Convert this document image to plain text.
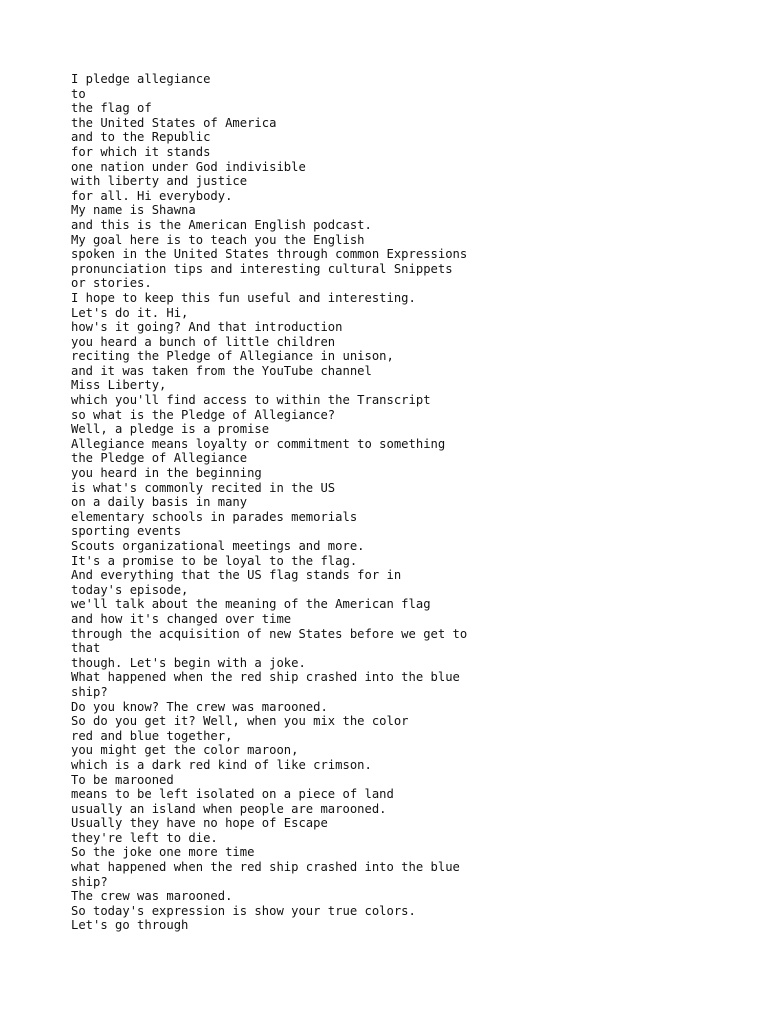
I pledge allegiance

to

the flag of

the United States of America

and to the Republic

for which it stands

one nation under God indivisible

with liberty and justice

for all. Hi everybody.

My name is Shawna

and this is the American English podcast.

My goal here is to teach you the English

spoken in the United States through common Expressions

pronunciation tips and interesting cultural Snippets

or stories.

I hope to keep this fun useful and interesting.

Let's do it. Hi,

how's it going? And that introduction

you heard a bunch of little children

reciting the Pledge of Allegiance in unison,

and it was taken from the YouTube channel

Miss Liberty,

which you'll find access to within the Transcript

so what is the Pledge of Allegiance?

Well, a pledge is a promise

Allegiance means loyalty or commitment to something

the Pledge of Allegiance

you heard in the beginning

is what's commonly recited in the US

on a daily basis in many

elementary schools in parades memorials

sporting events

Scouts organizational meetings and more.

It's a promise to be loyal to the flag.

And everything that the US flag stands for in

today's episode,

we'll talk about the meaning of the American flag

and how it's changed over time

through the acquisition of new States before we get to

that

though. Let's begin with a joke.

What happened when the red ship crashed into the blue

ship?

Do you know? The crew was marooned.

So do you get it? Well, when you mix the color

red and blue together,

you might get the color maroon,

which is a dark red kind of like crimson.

To be marooned

means to be left isolated on a piece of land

usually an island when people are marooned.

Usually they have no hope of Escape

they're left to die.

So the joke one more time

what happened when the red ship crashed into the blue

ship?

The crew was marooned.

So today's expression is show your true colors.

Let's go through
